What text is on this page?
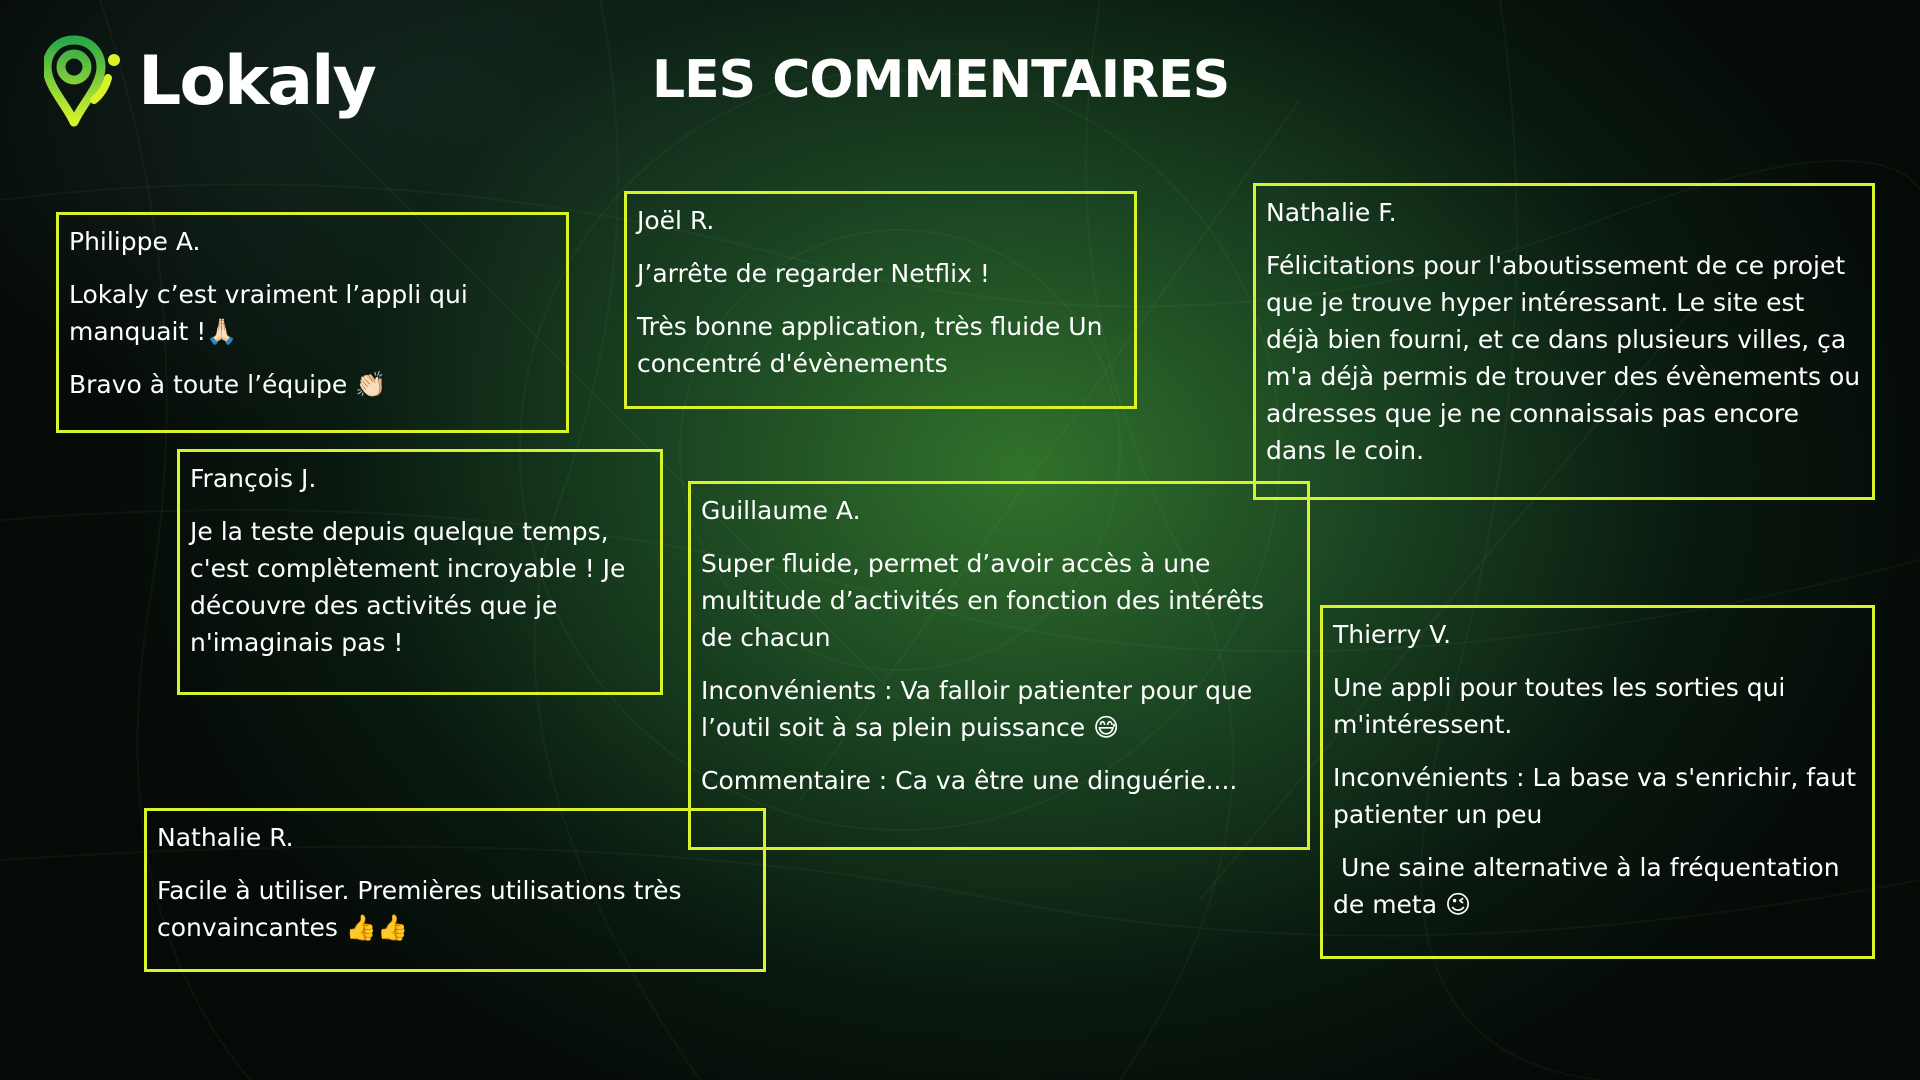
Lokaly	LES COMMENTAIRES

Philippe A.

Lokaly c’est vraiment l’appli qui manquait !🙏🏻

Bravo à toute l’équipe 👏🏻

Joël R.

J’arrête de regarder Netflix !

Très bonne application, très fluide Un concentré d'évènements

Nathalie F.

Félicitations pour l'aboutissement de ce projet que je trouve hyper intéressant. Le site est déjà bien fourni, et ce dans plusieurs villes, ça m'a déjà permis de trouver des évènements ou adresses que je ne connaissais pas encore dans le coin.

François J.

Je la teste depuis quelque temps, c'est complètement incroyable ! Je découvre des activités que je n'imaginais pas !

Guillaume A.

Super fluide, permet d’avoir accès à une multitude d’activités en fonction des intérêts de chacun

Inconvénients : Va falloir patienter pour que l’outil soit à sa plein puissance 😅

Commentaire : Ca va être une dinguérie....

Thierry V.

Une appli pour toutes les sorties qui m'intéressent.

Inconvénients : La base va s'enrichir, faut patienter un peu

Une saine alternative à la fréquentation de meta 😉

Nathalie R.

Facile à utiliser. Premières utilisations très convaincantes 👍👍
